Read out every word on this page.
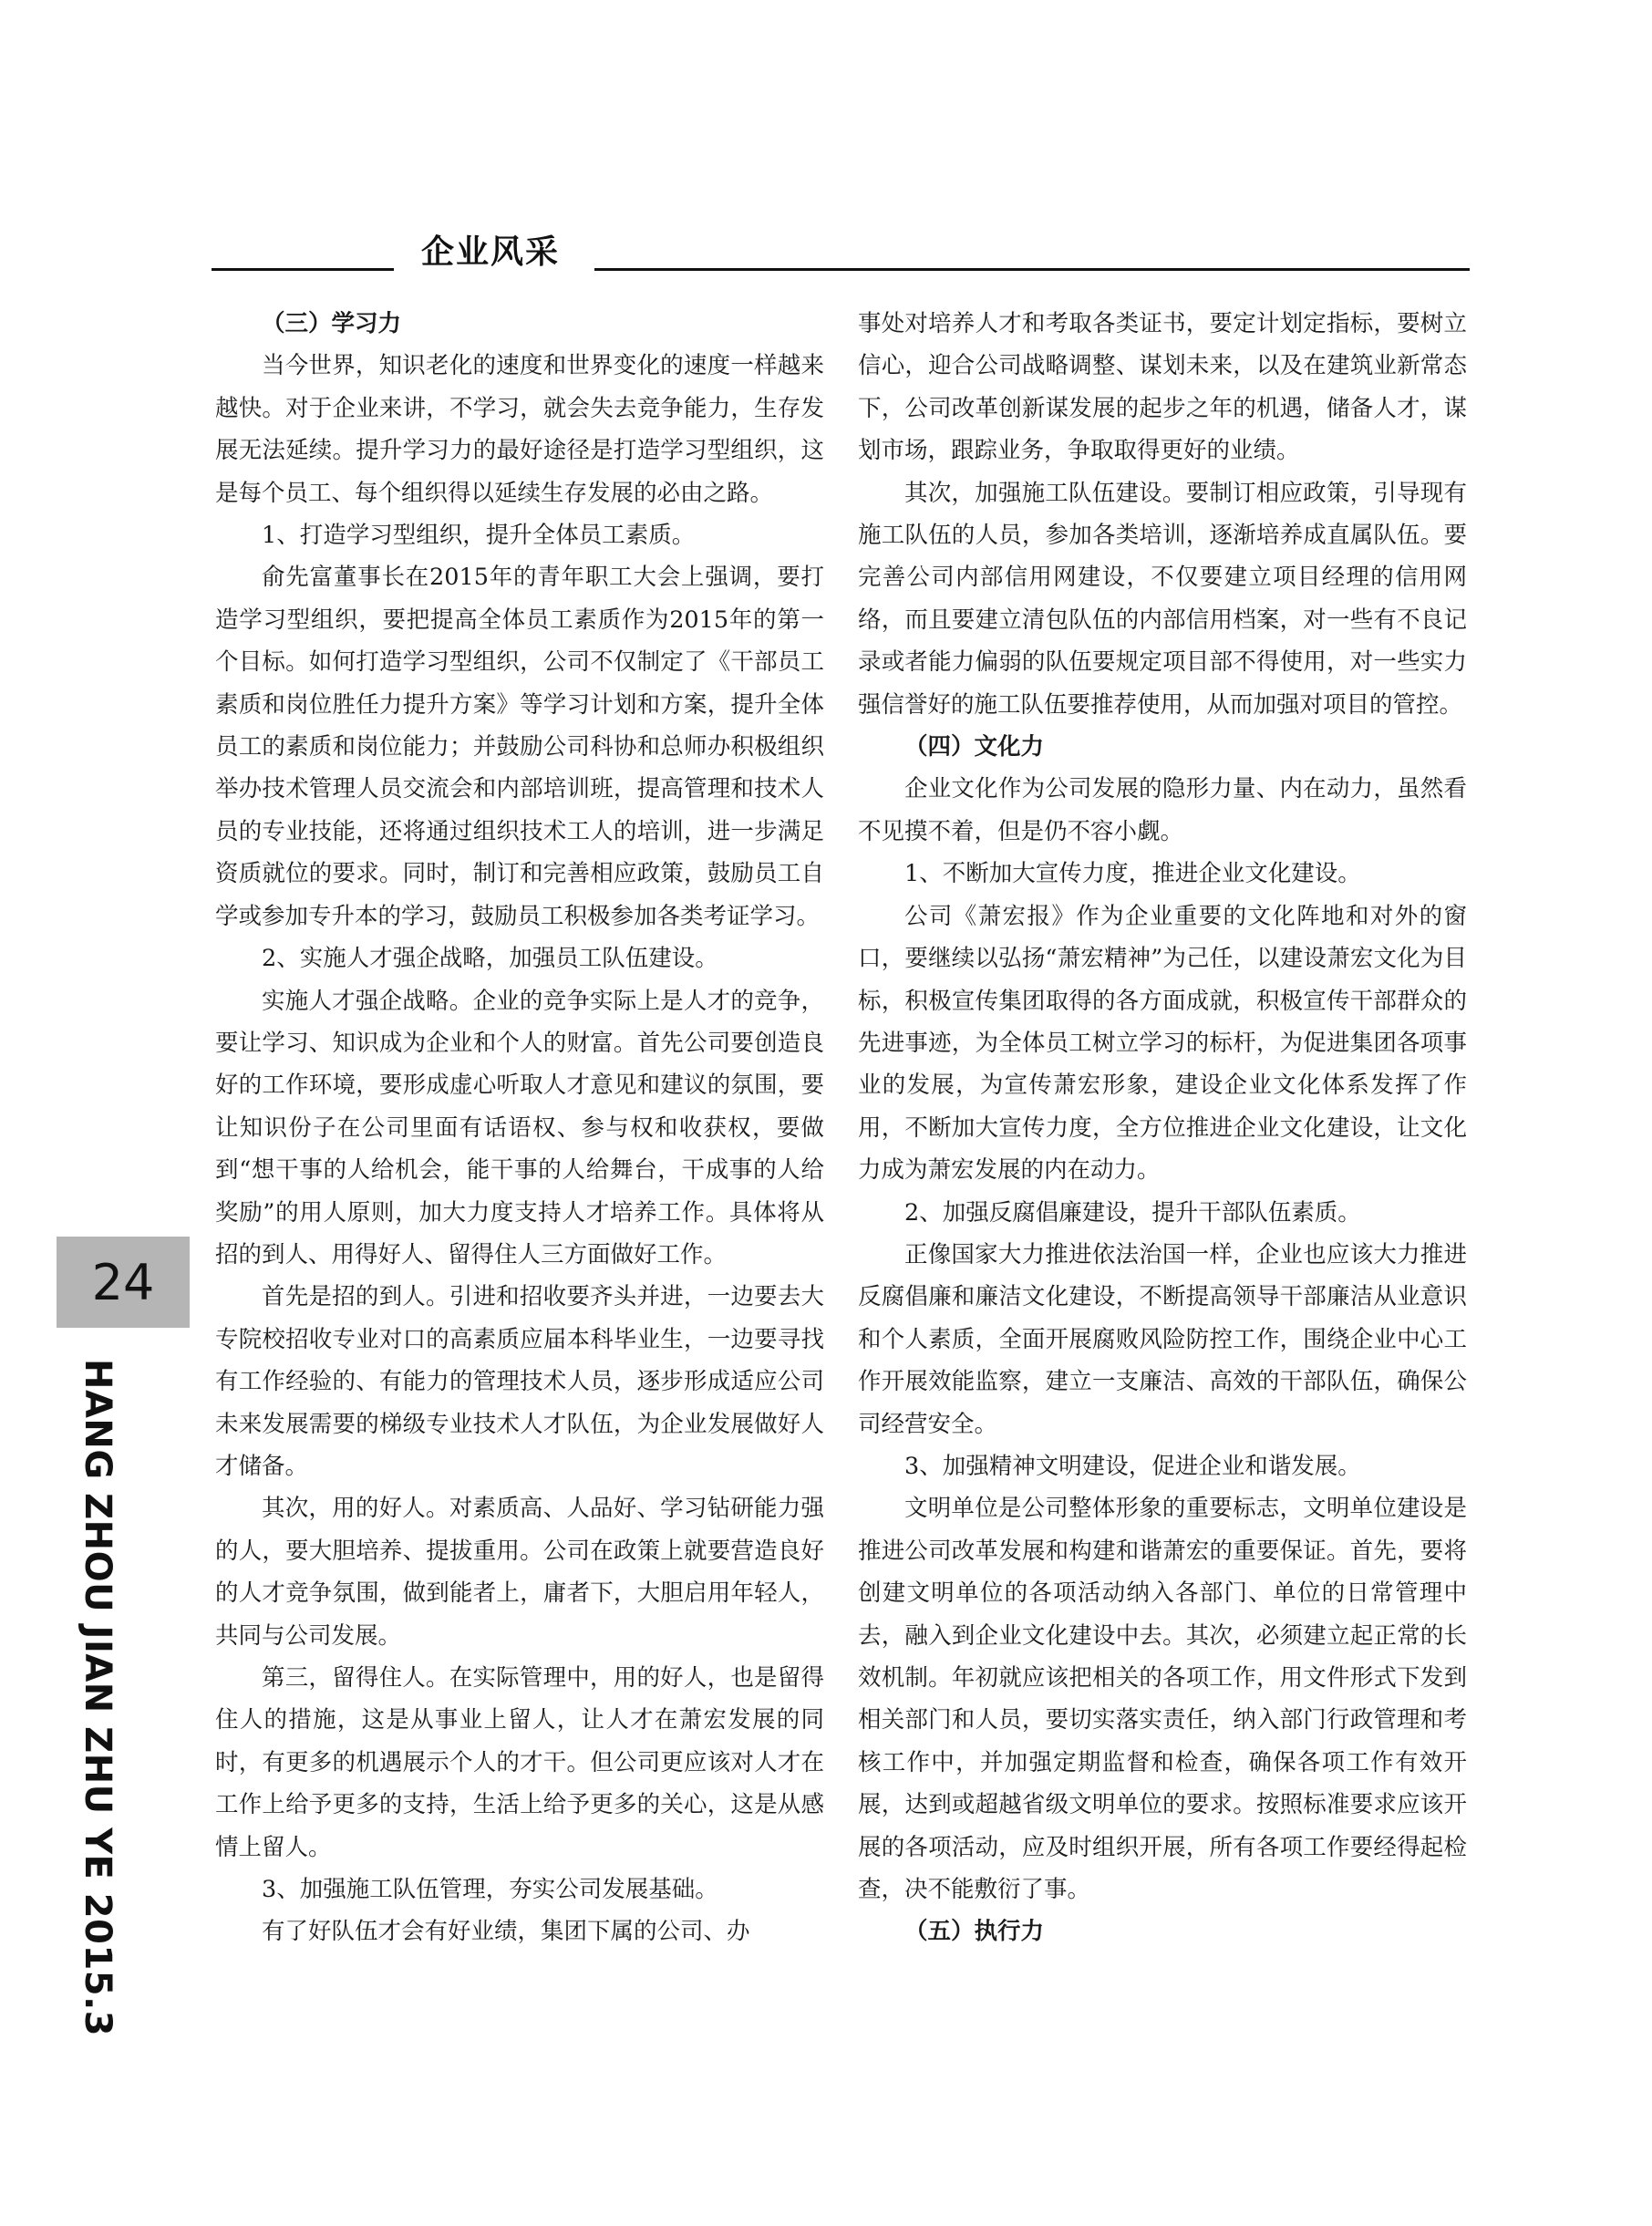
企业风采

（三）学习力

当今世界，知识老化的速度和世界变化的速度一样越来越快。对于企业来讲，不学习，就会失去竞争能力，生存发展无法延续。提升学习力的最好途径是打造学习型组织，这是每个员工、每个组织得以延续生存发展的必由之路。

1、打造学习型组织，提升全体员工素质。

俞先富董事长在2015年的青年职工大会上强调，要打造学习型组织，要把提高全体员工素质作为2015年的第一个目标。如何打造学习型组织，公司不仅制定了《干部员工素质和岗位胜任力提升方案》等学习计划和方案，提升全体员工的素质和岗位能力；并鼓励公司科协和总师办积极组织举办技术管理人员交流会和内部培训班，提高管理和技术人员的专业技能，还将通过组织技术工人的培训，进一步满足资质就位的要求。同时，制订和完善相应政策，鼓励员工自学或参加专升本的学习，鼓励员工积极参加各类考证学习。

2、实施人才强企战略，加强员工队伍建设。

实施人才强企战略。企业的竞争实际上是人才的竞争，要让学习、知识成为企业和个人的财富。首先公司要创造良好的工作环境，要形成虚心听取人才意见和建议的氛围，要让知识份子在公司里面有话语权、参与权和收获权，要做到“想干事的人给机会，能干事的人给舞台，干成事的人给奖励”的用人原则，加大力度支持人才培养工作。具体将从招的到人、用得好人、留得住人三方面做好工作。

首先是招的到人。引进和招收要齐头并进，一边要去大专院校招收专业对口的高素质应届本科毕业生，一边要寻找有工作经验的、有能力的管理技术人员，逐步形成适应公司未来发展需要的梯级专业技术人才队伍，为企业发展做好人才储备。

其次，用的好人。对素质高、人品好、学习钻研能力强的人，要大胆培养、提拔重用。公司在政策上就要营造良好的人才竞争氛围，做到能者上，庸者下，大胆启用年轻人，共同与公司发展。

第三，留得住人。在实际管理中，用的好人，也是留得住人的措施，这是从事业上留人，让人才在萧宏发展的同时，有更多的机遇展示个人的才干。但公司更应该对人才在工作上给予更多的支持，生活上给予更多的关心，这是从感情上留人。

3、加强施工队伍管理，夯实公司发展基础。

有了好队伍才会有好业绩，集团下属的公司、办

事处对培养人才和考取各类证书，要定计划定指标，要树立信心，迎合公司战略调整、谋划未来，以及在建筑业新常态下，公司改革创新谋发展的起步之年的机遇，储备人才，谋划市场，跟踪业务，争取取得更好的业绩。

其次，加强施工队伍建设。要制订相应政策，引导现有施工队伍的人员，参加各类培训，逐渐培养成直属队伍。要完善公司内部信用网建设，不仅要建立项目经理的信用网络，而且要建立清包队伍的内部信用档案，对一些有不良记录或者能力偏弱的队伍要规定项目部不得使用，对一些实力强信誉好的施工队伍要推荐使用，从而加强对项目的管控。

（四）文化力

企业文化作为公司发展的隐形力量、内在动力，虽然看不见摸不着，但是仍不容小觑。

1、不断加大宣传力度，推进企业文化建设。

公司《萧宏报》作为企业重要的文化阵地和对外的窗口，要继续以弘扬“萧宏精神”为己任，以建设萧宏文化为目标，积极宣传集团取得的各方面成就，积极宣传干部群众的先进事迹，为全体员工树立学习的标杆，为促进集团各项事业的发展，为宣传萧宏形象，建设企业文化体系发挥了作用，不断加大宣传力度，全方位推进企业文化建设，让文化力成为萧宏发展的内在动力。

2、加强反腐倡廉建设，提升干部队伍素质。

正像国家大力推进依法治国一样，企业也应该大力推进反腐倡廉和廉洁文化建设，不断提高领导干部廉洁从业意识和个人素质，全面开展腐败风险防控工作，围绕企业中心工作开展效能监察，建立一支廉洁、高效的干部队伍，确保公司经营安全。

3、加强精神文明建设，促进企业和谐发展。

文明单位是公司整体形象的重要标志，文明单位建设是推进公司改革发展和构建和谐萧宏的重要保证。首先，要将创建文明单位的各项活动纳入各部门、单位的日常管理中去，融入到企业文化建设中去。其次，必须建立起正常的长效机制。年初就应该把相关的各项工作，用文件形式下发到相关部门和人员，要切实落实责任，纳入部门行政管理和考核工作中，并加强定期监督和检查，确保各项工作有效开展，达到或超越省级文明单位的要求。按照标准要求应该开展的各项活动，应及时组织开展，所有各项工作要经得起检查，决不能敷衍了事。

（五）执行力

24
HANG ZHOU JIAN ZHU YE 2015.3
